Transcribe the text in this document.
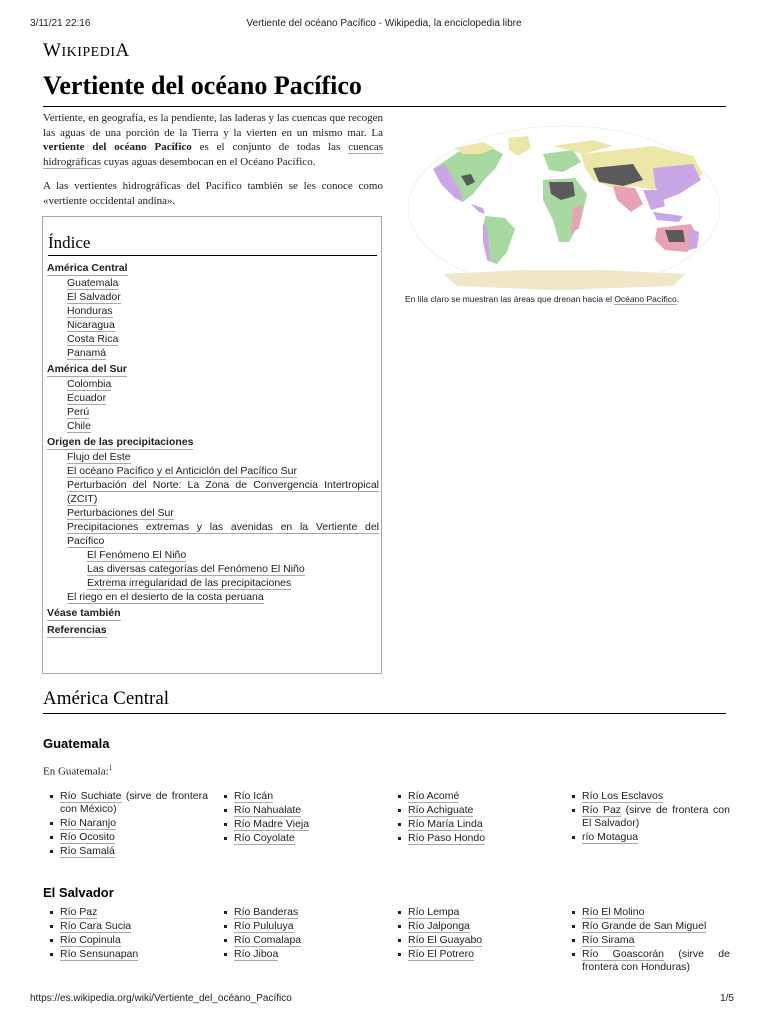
3/11/21 22:16	Vertiente del océano Pacífico - Wikipedia, la enciclopedia libre
WIKIPEDIA
Vertiente del océano Pacífico

Vertiente, en geografía, es la pendiente, las laderas y las cuencas que recogen las aguas de una porción de la Tierra y la vierten en un mismo mar. La vertiente del océano Pacífico es el conjunto de todas las cuencas hidrográficas cuyas aguas desembocan en el Océano Pacífico.

A las vertientes hidrográficas del Pacífico también se les conoce como «vertiente occidental andina».

En lila claro se muestran las áreas que drenan hacia el Océano Pacífico.
Índice
América Central
Guatemala
El Salvador
Honduras
Nicaragua
Costa Rica
Panamá
América del Sur
Colombia
Ecuador
Perú
Chile
Origen de las precipitaciones
Flujo del Este
El océano Pacífico y el Anticiclón del Pacífico Sur
Perturbación del Norte: La Zona de Convergencia Intertropical (ZCIT)
Perturbaciones del Sur
Precipitaciones extremas y las avenidas en la Vertiente del Pacífico
El Fenómeno El Niño
Las diversas categorías del Fenómeno El Niño
Extrema irregularidad de las precipitaciones
El riego en el desierto de la costa peruana
Véase también
Referencias
América Central
Guatemala
En Guatemala:$^1$
Río Suchiate (sirve de frontera con México)
Río Naranjo
Río Ocosito
Río Samalá
Río Icán
Río Nahualate
Río Madre Vieja
Río Coyolate
Río Acomé
Río Achiguate
Río María Linda
Río Paso Hondo
Río Los Esclavos
Río Paz (sirve de frontera con El Salvador)
río Motagua
El Salvador
Río Paz
Río Cara Sucia
Río Copinula
Río Sensunapan
Río Banderas
Río Pululuya
Río Comalapa
Río Jiboa
Río Lempa
Río Jalponga
Río El Guayabo
Río El Potrero
Río El Molino
Río Grande de San Miguel
Río Sirama
Río Goascorán (sirve de frontera con Honduras)
https://es.wikipedia.org/wiki/Vertiente_del_océano_Pacífico	1/5
